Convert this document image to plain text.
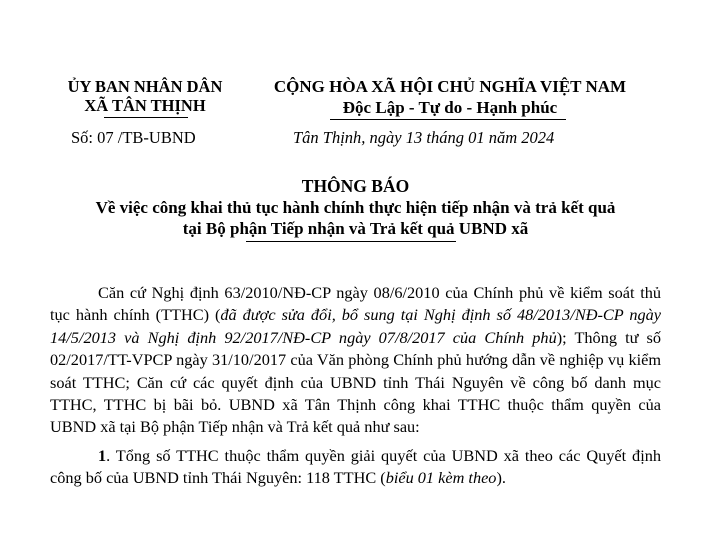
ỦY BAN NHÂN DÂN
XÃ TÂN THỊNH
Số: 07 /TB-UBND
CỘNG HÒA XÃ HỘI CHỦ NGHĨA VIỆT NAM
Độc Lập - Tự do - Hạnh phúc
Tân Thịnh, ngày 13 tháng 01 năm 2024
THÔNG BÁO
Về việc công khai thủ tục hành chính thực hiện tiếp nhận và trả kết quả
tại Bộ phận Tiếp nhận và Trả kết quả UBND xã

Căn cứ Nghị định 63/2010/NĐ-CP ngày 08/6/2010 của Chính phủ về kiểm soát thủ tục hành chính (TTHC) (đã được sửa đổi, bổ sung tại Nghị định số 48/2013/NĐ-CP ngày 14/5/2013 và Nghị định 92/2017/NĐ-CP ngày 07/8/2017 của Chính phủ); Thông tư số 02/2017/TT-VPCP ngày 31/10/2017 của Văn phòng Chính phủ hướng dẫn về nghiệp vụ kiểm soát TTHC; Căn cứ các quyết định của UBND tỉnh Thái Nguyên về công bố danh mục TTHC, TTHC bị bãi bỏ. UBND xã Tân Thịnh công khai TTHC thuộc thẩm quyền của UBND xã tại Bộ phận Tiếp nhận và Trả kết quả như sau:

1. Tổng số TTHC thuộc thẩm quyền giải quyết của UBND xã theo các Quyết định công bố của UBND tỉnh Thái Nguyên: 118 TTHC (biểu 01 kèm theo).
